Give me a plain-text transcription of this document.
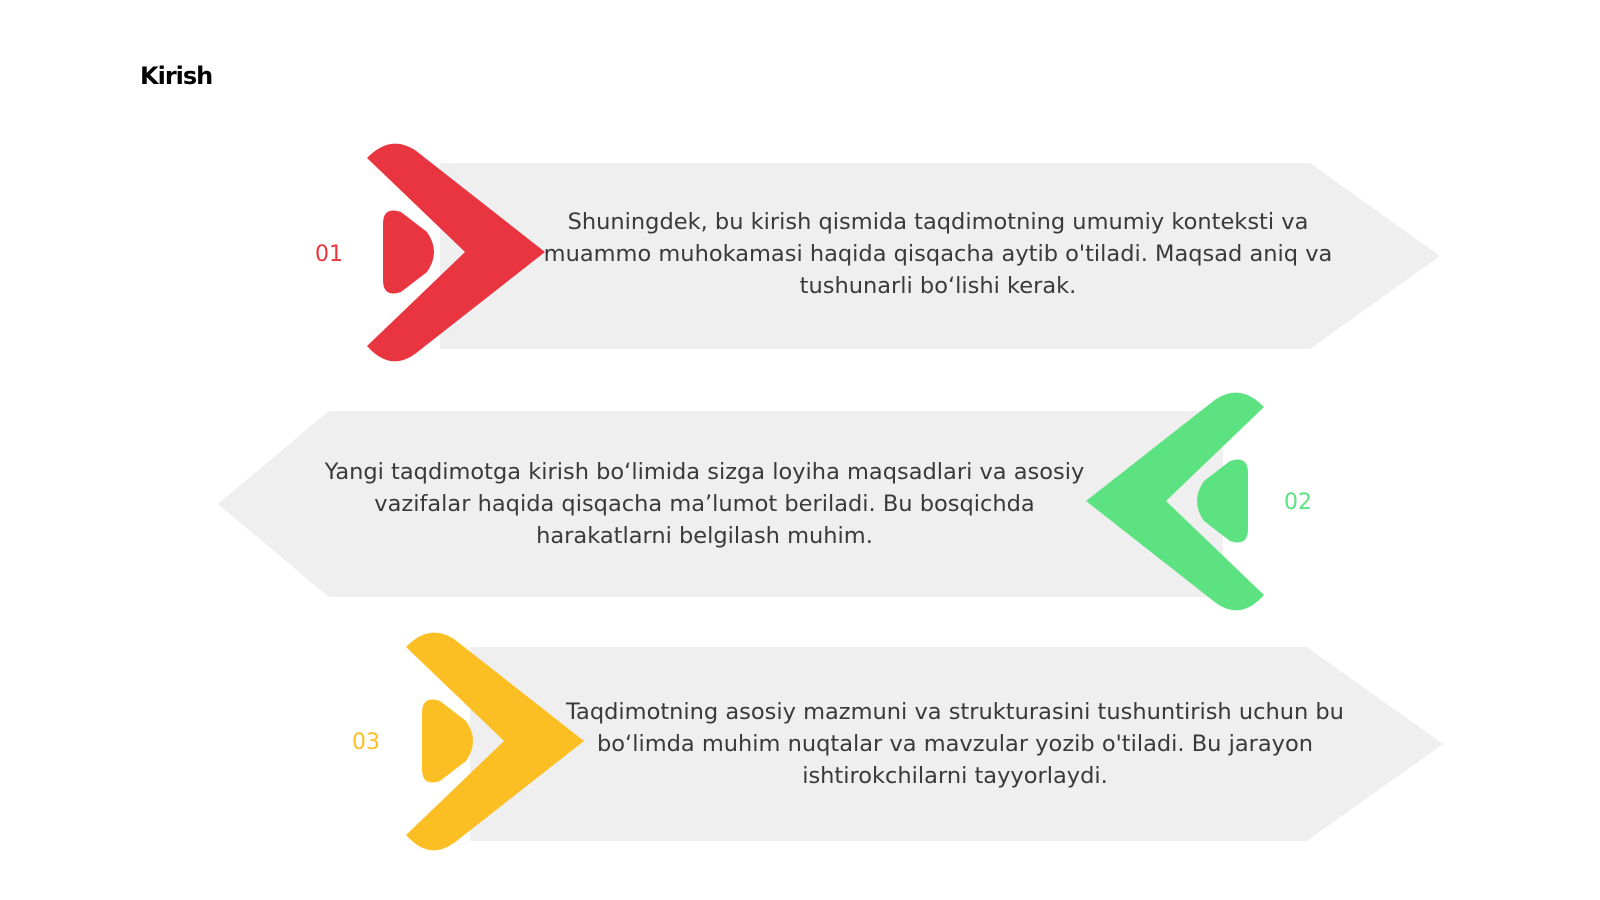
Kirish
01
Shuningdek, bu kirish qismida taqdimotning umumiy konteksti va muammo muhokamasi haqida qisqacha aytib o'tiladi. Maqsad aniq va tushunarli bo‘lishi kerak.
02
Yangi taqdimotga kirish bo‘limida sizga loyiha maqsadlari va asosiy vazifalar haqida qisqacha ma’lumot beriladi. Bu bosqichda harakatlarni belgilash muhim.
03
Taqdimotning asosiy mazmuni va strukturasini tushuntirish uchun bu bo‘limda muhim nuqtalar va mavzular yozib o'tiladi. Bu jarayon ishtirokchilarni tayyorlaydi.
